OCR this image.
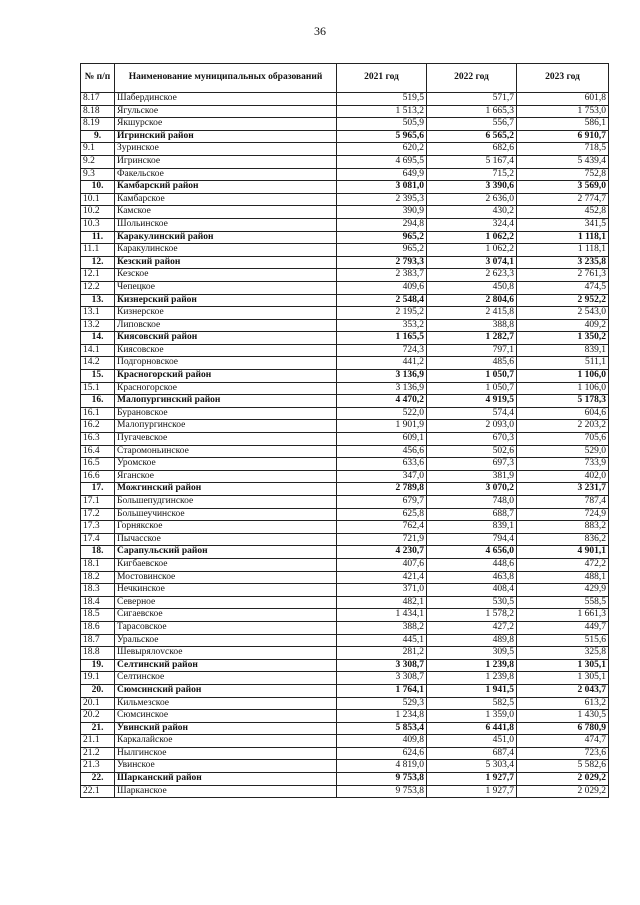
36
№ п/п	Наименование муниципальных образований	2021 год	2022 год	2023 год
8.17	Шабердинское	519,5	571,7	601,8
8.18	Ягульское	1 513,2	1 665,3	1 753,0
8.19	Якшурское	505,9	556,7	586,1
9.	Игринский район	5 965,6	6 565,2	6 910,7
9.1	Зуринское	620,2	682,6	718,5
9.2	Игринское	4 695,5	5 167,4	5 439,4
9.3	Факельское	649,9	715,2	752,8
10.	Камбарский район	3 081,0	3 390,6	3 569,0
10.1	Камбарское	2 395,3	2 636,0	2 774,7
10.2	Камское	390,9	430,2	452,8
10.3	Шольинское	294,8	324,4	341,5
11.	Каракулинский район	965,2	1 062,2	1 118,1
11.1	Каракулинское	965,2	1 062,2	1 118,1
12.	Кезский район	2 793,3	3 074,1	3 235,8
12.1	Кезское	2 383,7	2 623,3	2 761,3
12.2	Чепецкое	409,6	450,8	474,5
13.	Кизнерский район	2 548,4	2 804,6	2 952,2
13.1	Кизнерское	2 195,2	2 415,8	2 543,0
13.2	Липовское	353,2	388,8	409,2
14.	Киясовский район	1 165,5	1 282,7	1 350,2
14.1	Киясовское	724,3	797,1	839,1
14.2	Подгорновское	441,2	485,6	511,1
15.	Красногорский район	3 136,9	1 050,7	1 106,0
15.1	Красногорское	3 136,9	1 050,7	1 106,0
16.	Малопургинский район	4 470,2	4 919,5	5 178,3
16.1	Бурановское	522,0	574,4	604,6
16.2	Малопургинское	1 901,9	2 093,0	2 203,2
16.3	Пугачевское	609,1	670,3	705,6
16.4	Старомоньинское	456,6	502,6	529,0
16.5	Уромское	633,6	697,3	733,9
16.6	Яганское	347,0	381,9	402,0
17.	Можгинский район	2 789,8	3 070,2	3 231,7
17.1	Большепудгинское	679,7	748,0	787,4
17.2	Большеучинское	625,8	688,7	724,9
17.3	Горнякское	762,4	839,1	883,2
17.4	Пычасское	721,9	794,4	836,2
18.	Сарапульский район	4 230,7	4 656,0	4 901,1
18.1	Кигбаевское	407,6	448,6	472,2
18.2	Мостовинское	421,4	463,8	488,1
18.3	Нечкинское	371,0	408,4	429,9
18.4	Северное	482,1	530,5	558,5
18.5	Сигаевское	1 434,1	1 578,2	1 661,3
18.6	Тарасовское	388,2	427,2	449,7
18.7	Уральское	445,1	489,8	515,6
18.8	Шевырялovское	281,2	309,5	325,8
19.	Селтинский район	3 308,7	1 239,8	1 305,1
19.1	Селтинское	3 308,7	1 239,8	1 305,1
20.	Сюмсинский район	1 764,1	1 941,5	2 043,7
20.1	Кильмезское	529,3	582,5	613,2
20.2	Сюмсинское	1 234,8	1 359,0	1 430,5
21.	Увинский район	5 853,4	6 441,8	6 780,9
21.1	Каркалайское	409,8	451,0	474,7
21.2	Нылгинское	624,6	687,4	723,6
21.3	Увинское	4 819,0	5 303,4	5 582,6
22.	Шарканский район	9 753,8	1 927,7	2 029,2
22.1	Шарканское	9 753,8	1 927,7	2 029,2
